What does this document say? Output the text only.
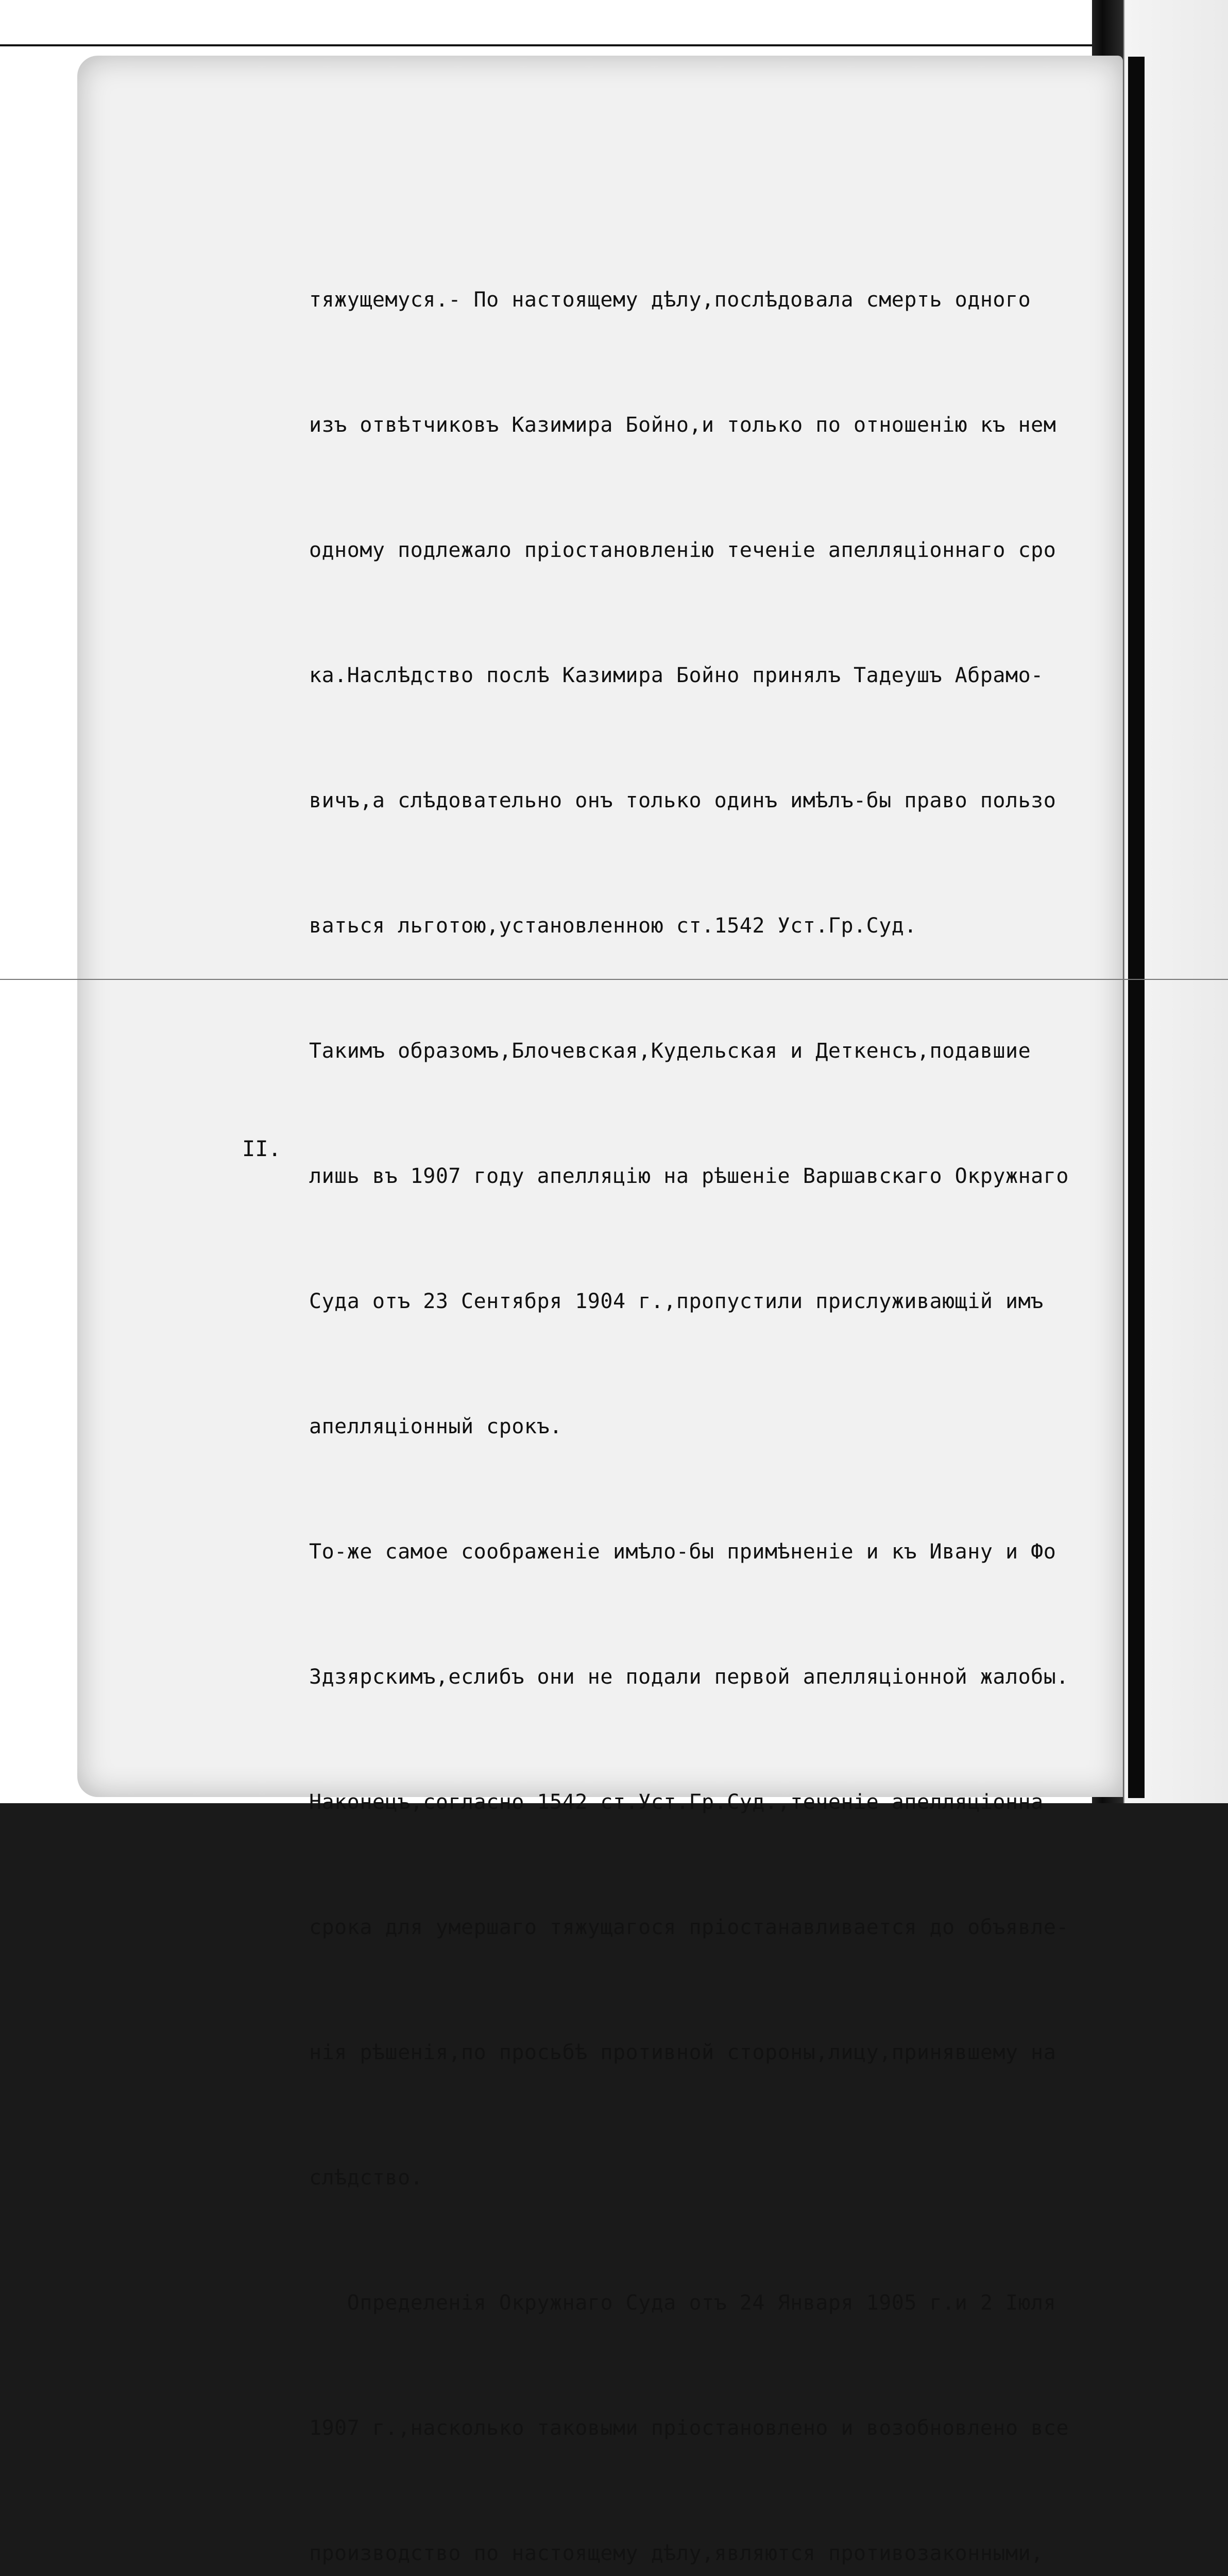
II.

тяжущемуся.- По настоящему дѣлу,послѣдовала смерть одного

изъ отвѣтчиковъ Казимира Бойно,и только по отношенію къ нем

одному подлежало пріостановленію теченіе апелляціоннаго сро

ка.Наслѣдство послѣ Казимира Бойно принялъ Тадеушъ Абрамо-

вичъ,а слѣдовательно онъ только одинъ имѣлъ-бы право пользо

ваться льготою,установленною ст.1542 Уст.Гр.Суд.

Такимъ образомъ,Блочевская,Кудельская и Деткенсъ,подавшие

лишь въ 1907 году апелляцію на рѣшеніе Варшавскаго Окружнаго

Суда отъ 23 Сентября 1904 г.,пропустили прислуживающій имъ

апелляціонный срокъ.

То-же самое соображеніе имѣло-бы примѣненіе и къ Ивану и Фо

Здзярскимъ,еслибъ они не подали первой апелляціонной жалобы.

Наконецъ,согласно 1542 ст.Уст.Гр.Суд.,теченіе апелляціонна

срока для умершаго тяжущагося пріостанавливается до объявле-

нія рѣшенія,по просьбѣ противной стороны,лицу,принявшему на

слѣдство.

Определенія Окружнаго Суда отъ 24 Января 1905 г.и 2 Іюля

1907 г.,насколько таковыми пріостановлено и возобновлено все

производство по настоящему дѣлу,являются противозаконными,
